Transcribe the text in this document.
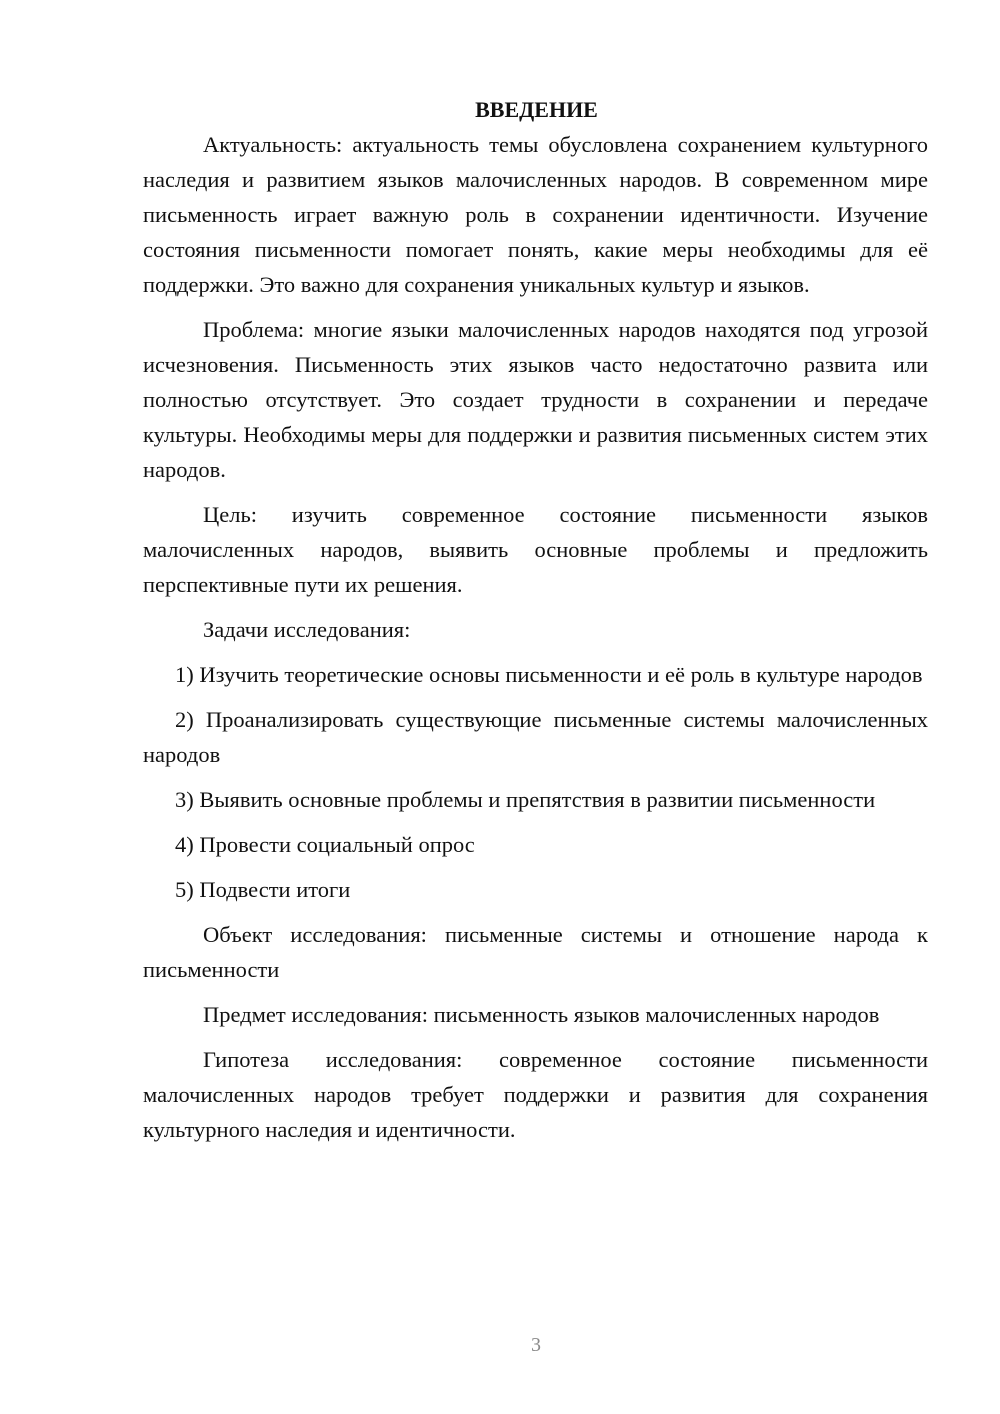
ВВЕДЕНИЕ

Актуальность: актуальность темы обусловлена сохранением культурного наследия и развитием языков малочисленных народов. В современном мире письменность играет важную роль в сохранении идентичности. Изучение состояния письменности помогает понять, какие меры необходимы для её поддержки. Это важно для сохранения уникальных культур и языков.

Проблема: многие языки малочисленных народов находятся под угрозой исчезновения. Письменность этих языков часто недостаточно развита или полностью отсутствует. Это создает трудности в сохранении и передаче культуры. Необходимы меры для поддержки и развития письменных систем этих народов.

Цель: изучить современное состояние письменности языков малочисленных народов, выявить основные проблемы и предложить перспективные пути их решения.

Задачи исследования:

1) Изучить теоретические основы письменности и её роль в культуре народов

2) Проанализировать существующие письменные системы малочисленных народов

3) Выявить основные проблемы и препятствия в развитии письменности

4) Провести социальный опрос

5) Подвести итоги

Объект исследования: письменные системы и отношение народа к письменности

Предмет исследования: письменность языков малочисленных народов

Гипотеза исследования: современное состояние письменности малочисленных народов требует поддержки и развития для сохранения культурного наследия и идентичности.

3
